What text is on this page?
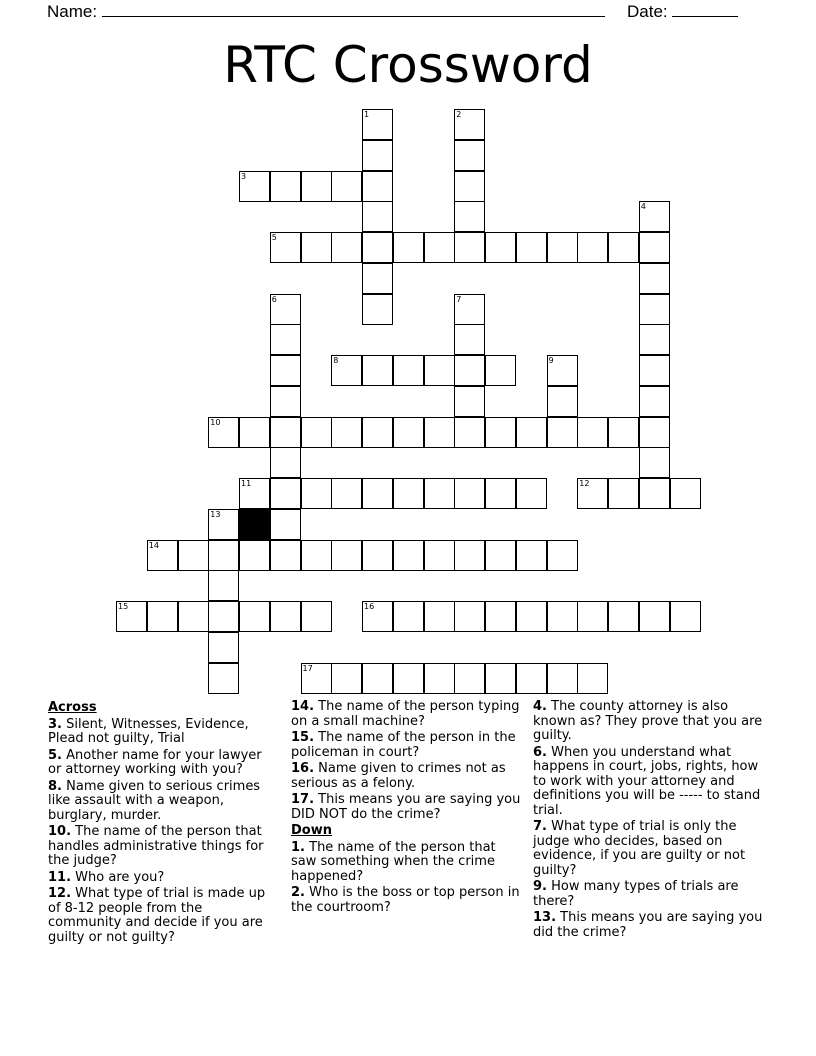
Name:	Date:
RTC Crossword
1	2
3
4
5
6	7
8	9
10
11	12
13
14
15	16
17
Across
3. Silent, Witnesses, Evidence, Plead not guilty, Trial
5. Another name for your lawyer or attorney working with you?
8. Name given to serious crimes like assault with a weapon, burglary, murder.
10. The name of the person that handles administrative things for the judge?
11. Who are you?
12. What type of trial is made up of 8-12 people from the community and decide if you are guilty or not guilty?
14. The name of the person typing on a small machine?
15. The name of the person in the policeman in court?
16. Name given to crimes not as serious as a felony.
17. This means you are saying you DID NOT do the crime?
Down
1. The name of the person that saw something when the crime happened?
2. Who is the boss or top person in the courtroom?
4. The county attorney is also known as? They prove that you are guilty.
6. When you understand what happens in court, jobs, rights, how to work with your attorney and definitions you will be ----- to stand trial.
7. What type of trial is only the judge who decides, based on evidence, if you are guilty or not guilty?
9. How many types of trials are there?
13. This means you are saying you did the crime?
